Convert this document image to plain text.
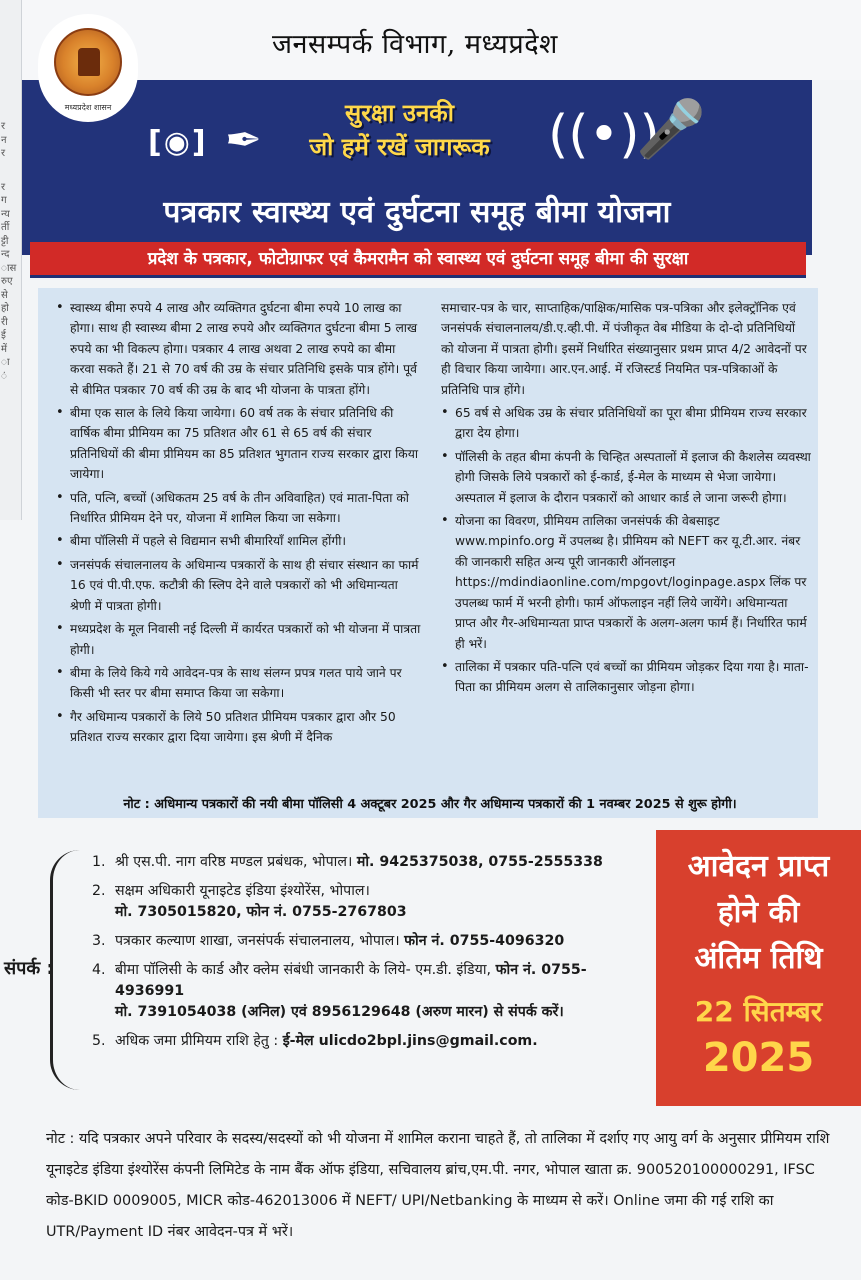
र
न
र
र
ग
न्य
र्ती
ट्टी
न्द
ास
रुए
से
हो
री
ई
में
ा
ं
जनसम्पर्क विभाग, मध्यप्रदेश
मध्यप्रदेश शासन
[◉] ✒	((•))
🎤
सुरक्षा उनकी
जो हमें रखें जागरूक
पत्रकार स्वास्थ्य एवं दुर्घटना समूह बीमा योजना
प्रदेश के पत्रकार, फोटोग्राफर एवं कैमरामैन को स्वास्थ्य एवं दुर्घटना समूह बीमा की सुरक्षा
• स्वास्थ्य बीमा रुपये 4 लाख और व्यक्तिगत दुर्घटना बीमा रुपये 10 लाख का होगा। साथ ही स्वास्थ्य बीमा 2 लाख रुपये और व्यक्तिगत दुर्घटना बीमा 5 लाख रुपये का भी विकल्प होगा। पत्रकार 4 लाख अथवा 2 लाख रुपये का बीमा करवा सकते हैं। 21 से 70 वर्ष की उम्र के संचार प्रतिनिधि इसके पात्र होंगे। पूर्व से बीमित पत्रकार 70 वर्ष की उम्र के बाद भी योजना के पात्रता होंगे।
• बीमा एक साल के लिये किया जायेगा। 60 वर्ष तक के संचार प्रतिनिधि की वार्षिक बीमा प्रीमियम का 75 प्रतिशत और 61 से 65 वर्ष की संचार प्रतिनिधियों की बीमा प्रीमियम का 85 प्रतिशत भुगतान राज्य सरकार द्वारा किया जायेगा।
• पति, पत्नि, बच्चों (अधिकतम 25 वर्ष के तीन अविवाहित) एवं माता-पिता को निर्धारित प्रीमियम देने पर, योजना में शामिल किया जा सकेगा।
• बीमा पॉलिसी में पहले से विद्यमान सभी बीमारियाँ शामिल होंगी।
• जनसंपर्क संचालनालय के अधिमान्य पत्रकारों के साथ ही संचार संस्थान का फार्म 16 एवं पी.पी.एफ. कटौत्री की स्लिप देने वाले पत्रकारों को भी अधिमान्यता श्रेणी में पात्रता होगी।
• मध्यप्रदेश के मूल निवासी नई दिल्ली में कार्यरत पत्रकारों को भी योजना में पात्रता होगी।
• बीमा के लिये किये गये आवेदन-पत्र के साथ संलग्न प्रपत्र गलत पाये जाने पर किसी भी स्तर पर बीमा समाप्त किया जा सकेगा।
• गैर अधिमान्य पत्रकारों के लिये 50 प्रतिशत प्रीमियम पत्रकार द्वारा और 50 प्रतिशत राज्य सरकार द्वारा दिया जायेगा। इस श्रेणी में दैनिक
समाचार-पत्र के चार, साप्ताहिक/पाक्षिक/मासिक पत्र-पत्रिका और इलेक्ट्रॉनिक एवं जनसंपर्क संचालनालय/डी.ए.व्ही.पी. में पंजीकृत वेब मीडिया के दो-दो प्रतिनिधियों को योजना में पात्रता होगी। इसमें निर्धारित संख्यानुसार प्रथम प्राप्त 4/2 आवेदनों पर ही विचार किया जायेगा। आर.एन.आई. में रजिस्टर्ड नियमित पत्र-पत्रिकाओं के प्रतिनिधि पात्र होंगे।
• 65 वर्ष से अधिक उम्र के संचार प्रतिनिधियों का पूरा बीमा प्रीमियम राज्य सरकार द्वारा देय होगा।
• पॉलिसी के तहत बीमा कंपनी के चिन्हित अस्पतालों में इलाज की कैशलेस व्यवस्था होगी जिसके लिये पत्रकारों को ई-कार्ड, ई-मेल के माध्यम से भेजा जायेगा। अस्पताल में इलाज के दौरान पत्रकारों को आधार कार्ड ले जाना जरूरी होगा।
• योजना का विवरण, प्रीमियम तालिका जनसंपर्क की वेबसाइट www.mpinfo.org में उपलब्ध है। प्रीमियम को NEFT कर यू.टी.आर. नंबर की जानकारी सहित अन्य पूरी जानकारी ऑनलाइन https://mdindiaonline.com/mpgovt/loginpage.aspx लिंक पर उपलब्ध फार्म में भरनी होगी। फार्म ऑफलाइन नहीं लिये जायेंगे। अधिमान्यता प्राप्त और गैर-अधिमान्यता प्राप्त पत्रकारों के अलग-अलग फार्म हैं। निर्धारित फार्म ही भरें।
• तालिका में पत्रकार पति-पत्नि एवं बच्चों का प्रीमियम जोड़कर दिया गया है। माता-पिता का प्रीमियम अलग से तालिकानुसार जोड़ना होगा।
नोट : अधिमान्य पत्रकारों की नयी बीमा पॉलिसी 4 अक्टूबर 2025 और गैर अधिमान्य पत्रकारों की 1 नवम्बर 2025 से शुरू होगी।
संपर्क :
1. श्री एस.पी. नाग वरिष्ठ मण्डल प्रबंधक, भोपाल। मो. 9425375038, 0755-2555338
2. सक्षम अधिकारी यूनाइटेड इंडिया इंश्योरेंस, भोपाल।
मो. 7305015820, फोन नं. 0755-2767803
3. पत्रकार कल्याण शाखा, जनसंपर्क संचालनालय, भोपाल। फोन नं. 0755-4096320
4. बीमा पॉलिसी के कार्ड और क्लेम संबंधी जानकारी के लिये- एम.डी. इंडिया, फोन नं. 0755-4936991
मो. 7391054038 (अनिल) एवं 8956129648 (अरुण मारन) से संपर्क करें।
5. अधिक जमा प्रीमियम राशि हेतु : ई-मेल ulicdo2bpl.jins@gmail.com.
आवेदन प्राप्त
होने की
अंतिम तिथि
22 सितम्बर
2025
नोट : यदि पत्रकार अपने परिवार के सदस्य/सदस्यों को भी योजना में शामिल कराना चाहते हैं, तो तालिका में दर्शाए गए आयु वर्ग के अनुसार प्रीमियम राशि यूनाइटेड इंडिया इंश्योरेंस कंपनी लिमिटेड के नाम बैंक ऑफ इंडिया, सचिवालय ब्रांच,एम.पी. नगर, भोपाल खाता क्र. 900520100000291, IFSC कोड-BKID 0009005, MICR कोड-462013006 में NEFT/ UPI/Netbanking के माध्यम से करें। Online जमा की गई राशि का UTR/Payment ID नंबर आवेदन-पत्र में भरें।
